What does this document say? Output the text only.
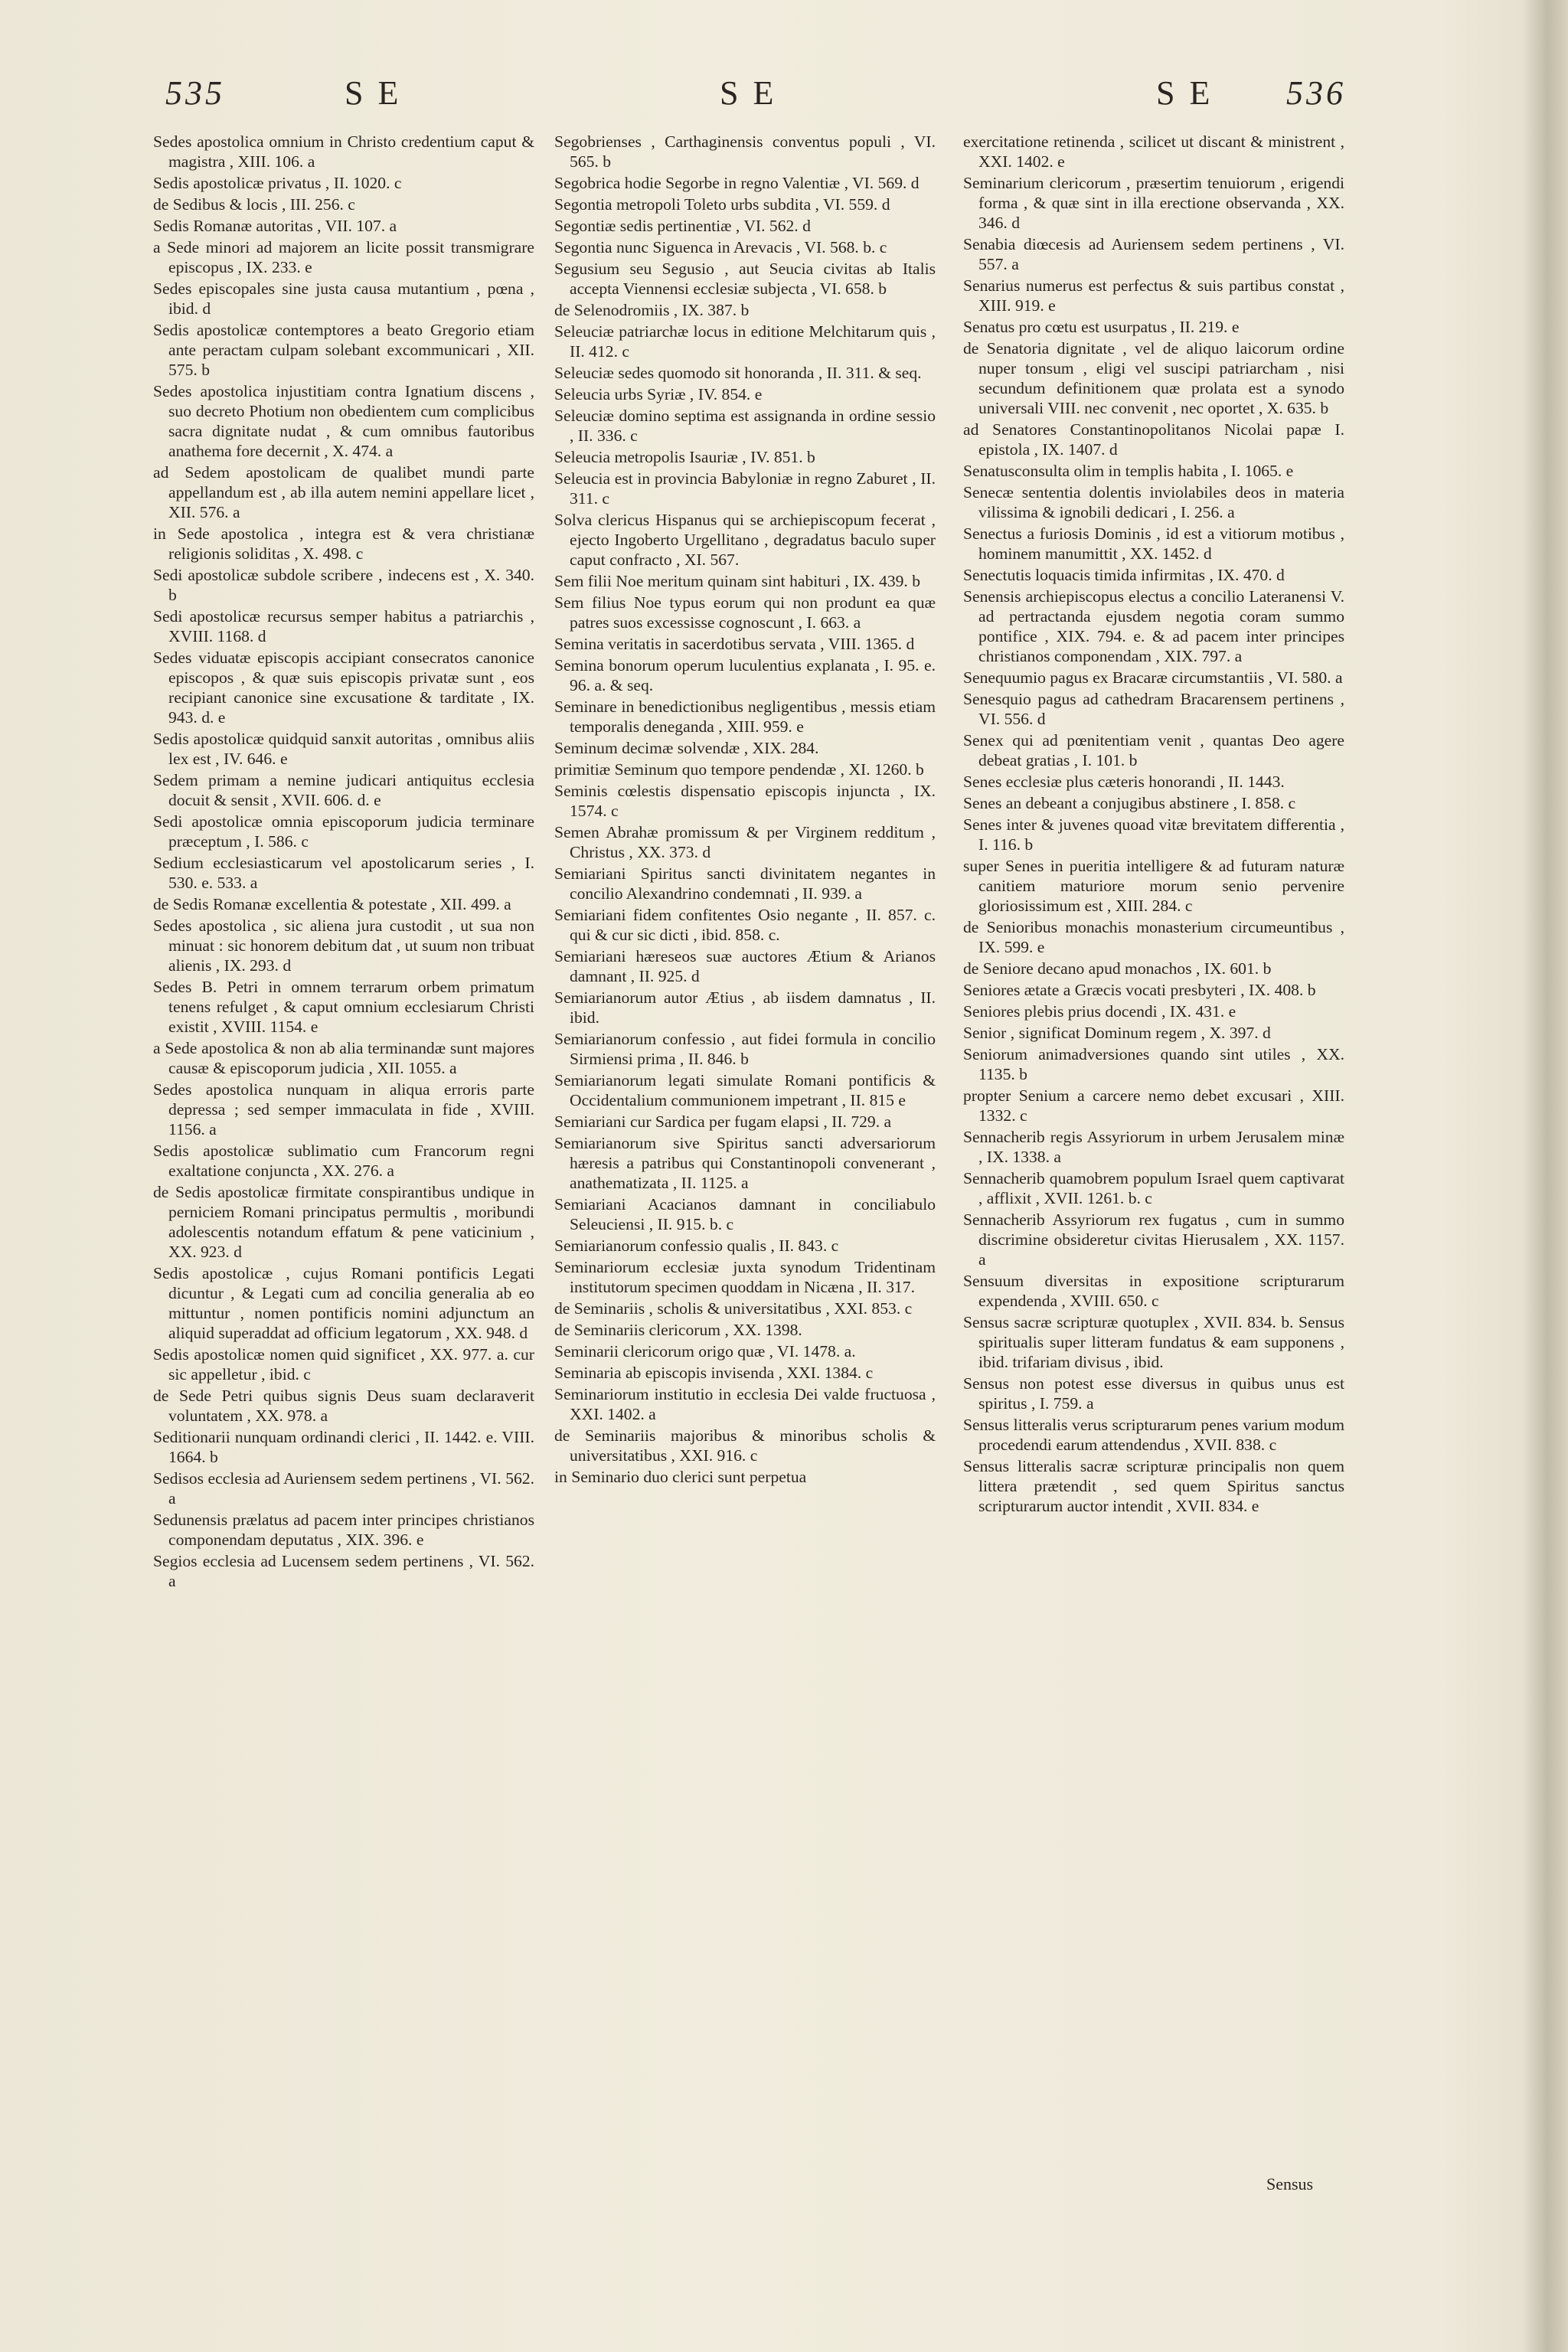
535	S E	S E	S E 536

Sedes apostolica omnium in Christo credentium caput & magistra , XIII. 106. a

Sedis apostolicæ privatus , II. 1020. c

de Sedibus & locis , III. 256. c

Sedis Romanæ autoritas , VII. 107. a

a Sede minori ad majorem an licite possit transmigrare episcopus , IX. 233. e

Sedes episcopales sine justa causa mutantium , pœna , ibid. d

Sedis apostolicæ contemptores a beato Gregorio etiam ante peractam culpam solebant excommunicari , XII. 575. b

Sedes apostolica injustitiam contra Ignatium discens , suo decreto Photium non obedientem cum complicibus sacra dignitate nudat , & cum omnibus fautoribus anathema fore decernit , X. 474. a

ad Sedem apostolicam de qualibet mundi parte appellandum est , ab illa autem nemini appellare licet , XII. 576. a

in Sede apostolica , integra est & vera christianæ religionis soliditas , X. 498. c

Sedi apostolicæ subdole scribere , indecens est , X. 340. b

Sedi apostolicæ recursus semper habitus a patriarchis , XVIII. 1168. d

Sedes viduatæ episcopis accipiant consecratos canonice episcopos , & quæ suis episcopis privatæ sunt , eos recipiant canonice sine excusatione & tarditate , IX. 943. d. e

Sedis apostolicæ quidquid sanxit autoritas , omnibus aliis lex est , IV. 646. e

Sedem primam a nemine judicari antiquitus ecclesia docuit & sensit , XVII. 606. d. e

Sedi apostolicæ omnia episcoporum judicia terminare præceptum , I. 586. c

Sedium ecclesiasticarum vel apostolicarum series , I. 530. e. 533. a

de Sedis Romanæ excellentia & potestate , XII. 499. a

Sedes apostolica , sic aliena jura custodit , ut sua non minuat : sic honorem debitum dat , ut suum non tribuat alienis , IX. 293. d

Sedes B. Petri in omnem terrarum orbem primatum tenens refulget , & caput omnium ecclesiarum Christi existit , XVIII. 1154. e

a Sede apostolica & non ab alia terminandæ sunt majores causæ & episcoporum judicia , XII. 1055. a

Sedes apostolica nunquam in aliqua erroris parte depressa ; sed semper immaculata in fide , XVIII. 1156. a

Sedis apostolicæ sublimatio cum Francorum regni exaltatione conjuncta , XX. 276. a

de Sedis apostolicæ firmitate conspirantibus undique in perniciem Romani principatus permultis , moribundi adolescentis notandum effatum & pene vaticinium , XX. 923. d

Sedis apostolicæ , cujus Romani pontificis Legati dicuntur , & Legati cum ad concilia generalia ab eo mittuntur , nomen pontificis nomini adjunctum an aliquid superaddat ad officium legatorum , XX. 948. d

Sedis apostolicæ nomen quid significet , XX. 977. a. cur sic appelletur , ibid. c

de Sede Petri quibus signis Deus suam declaraverit voluntatem , XX. 978. a

Seditionarii nunquam ordinandi clerici , II. 1442. e. VIII. 1664. b

Sedisos ecclesia ad Auriensem sedem pertinens , VI. 562. a

Sedunensis prælatus ad pacem inter principes christianos componendam deputatus , XIX. 396. e

Segios ecclesia ad Lucensem sedem pertinens , VI. 562. a

Segobrienses , Carthaginensis conventus populi , VI. 565. b

Segobrica hodie Segorbe in regno Valentiæ , VI. 569. d

Segontia metropoli Toleto urbs subdita , VI. 559. d

Segontiæ sedis pertinentiæ , VI. 562. d

Segontia nunc Siguenca in Arevacis , VI. 568. b. c

Segusium seu Segusio , aut Seucia civitas ab Italis accepta Viennensi ecclesiæ subjecta , VI. 658. b

de Selenodromiis , IX. 387. b

Seleuciæ patriarchæ locus in editione Melchitarum quis , II. 412. c

Seleuciæ sedes quomodo sit honoranda , II. 311. & seq.

Seleucia urbs Syriæ , IV. 854. e

Seleuciæ domino septima est assignanda in ordine sessio , II. 336. c

Seleucia metropolis Isauriæ , IV. 851. b

Seleucia est in provincia Babyloniæ in regno Zaburet , II. 311. c

Solva clericus Hispanus qui se archiepiscopum fecerat , ejecto Ingoberto Urgellitano , degradatus baculo super caput confracto , XI. 567.

Sem filii Noe meritum quinam sint habituri , IX. 439. b

Sem filius Noe typus eorum qui non produnt ea quæ patres suos excessisse cognoscunt , I. 663. a

Semina veritatis in sacerdotibus servata , VIII. 1365. d

Semina bonorum operum luculentius explanata , I. 95. e. 96. a. & seq.

Seminare in benedictionibus negligentibus , messis etiam temporalis denegandа , XIII. 959. e

Seminum decimæ solvendæ , XIX. 284.

primitiæ Seminum quo tempore pendendæ , XI. 1260. b

Seminis cœlestis dispensatio episcopis injuncta , IX. 1574. c

Semen Abrahæ promissum & per Virginem redditum , Christus , XX. 373. d

Semiariani Spiritus sancti divinitatem negantes in concilio Alexandrino condemnati , II. 939. a

Semiariani fidem confitentes Osio negante , II. 857. c. qui & cur sic dicti , ibid. 858. c.

Semiariani hæreseos suæ auctores Ætium & Arianos damnant , II. 925. d

Semiarianorum autor Ætius , ab iisdem damnatus , II. ibid.

Semiarianorum confessio , aut fidei formula in concilio Sirmiensi prima , II. 846. b

Semiarianorum legati simulate Romani pontificis & Occidentalium communionem impetrant , II. 815 e

Semiariani cur Sardica per fugam elapsi , II. 729. a

Semiarianorum sive Spiritus sancti adversariorum hæresis a patribus qui Constantinopoli convenerant , anathematizata , II. 1125. a

Semiariani Acacianos damnant in conciliabulo Seleuciensi , II. 915. b. c

Semiarianorum confessio qualis , II. 843. c

Seminariorum ecclesiæ juxta synodum Tridentinam institutorum specimen quoddam in Nicæna , II. 317.

de Seminariis , scholis & universitatibus , XXI. 853. c

de Seminariis clericorum , XX. 1398.

Seminarii clericorum origo quæ , VI. 1478. a.

Seminaria ab episcopis invisenda , XXI. 1384. c

Seminariorum institutio in ecclesia Dei valde fructuosa , XXI. 1402. a

de Seminariis majoribus & minoribus scholis & universitatibus , XXI. 916. c

in Seminario duo clerici sunt perpetua

exercitatione retinenda , scilicet ut discant & ministrent , XXI. 1402. e

Seminarium clericorum , præsertim tenuiorum , erigendi forma , & quæ sint in illa erectione observanda , XX. 346. d

Senabia diœcesis ad Auriensem sedem pertinens , VI. 557. a

Senarius numerus est perfectus & suis partibus constat , XIII. 919. e

Senatus pro cœtu est usurpatus , II. 219. e

de Senatoria dignitate , vel de aliquo laicorum ordine nuper tonsum , eligi vel suscipi patriarcham , nisi secundum definitionem quæ prolata est a synodo universali VIII. nec convenit , nec oportet , X. 635. b

ad Senatores Constantinopolitanos Nicolai papæ I. epistola , IX. 1407. d

Senatusconsulta olim in templis habita , I. 1065. e

Senecæ sententia dolentis inviolabiles deos in materia vilissima & ignobili dedicari , I. 256. a

Senectus a furiosis Dominis , id est a vitiorum motibus , hominem manumittit , XX. 1452. d

Senectutis loquacis timida infirmitas , IX. 470. d

Senensis archiepiscopus electus a concilio Lateranensi V. ad pertractanda ejusdem negotia coram summo pontifice , XIX. 794. e. & ad pacem inter principes christianos componendam , XIX. 797. a

Senequumio pagus ex Bracaræ circumstantiis , VI. 580. a

Senesquio pagus ad cathedram Bracarensem pertinens , VI. 556. d

Senex qui ad pœnitentiam venit , quantas Deo agere debeat gratias , I. 101. b

Senes ecclesiæ plus cæteris honorandi , II. 1443.

Senes an debeant a conjugibus abstinere , I. 858. c

Senes inter & juvenes quoad vitæ brevitatem differentia , I. 116. b

super Senes in pueritia intelligere & ad futuram naturæ canitiem maturiore morum senio pervenire gloriosissimum est , XIII. 284. c

de Senioribus monachis monasterium circumeuntibus , IX. 599. e

de Seniore decano apud monachos , IX. 601. b

Seniores ætate a Græcis vocati presbyteri , IX. 408. b

Seniores plebis prius docendi , IX. 431. e

Senior , significat Dominum regem , X. 397. d

Seniorum animadversiones quando sint utiles , XX. 1135. b

propter Senium a carcere nemo debet excusari , XIII. 1332. c

Sennacherib regis Assyriorum in urbem Jerusalem minæ , IX. 1338. a

Sennacherib quamobrem populum Israel quem captivarat , afflixit , XVII. 1261. b. c

Sennacherib Assyriorum rex fugatus , cum in summo discrimine obsideretur civitas Hierusalem , XX. 1157. a

Sensuum diversitas in expositione scripturarum expendenda , XVIII. 650. c

Sensus sacræ scripturæ quotuplex , XVII. 834. b. Sensus spiritualis super litteram fundatus & eam supponens , ibid. trifariam divisus , ibid.

Sensus non potest esse diversus in quibus unus est spiritus , I. 759. a

Sensus litteralis verus scripturarum penes varium modum procedendi earum attendendus , XVII. 838. c

Sensus litteralis sacræ scripturæ principalis non quem littera prætendit , sed quem Spiritus sanctus scripturarum auctor intendit , XVII. 834. e

Sensus
